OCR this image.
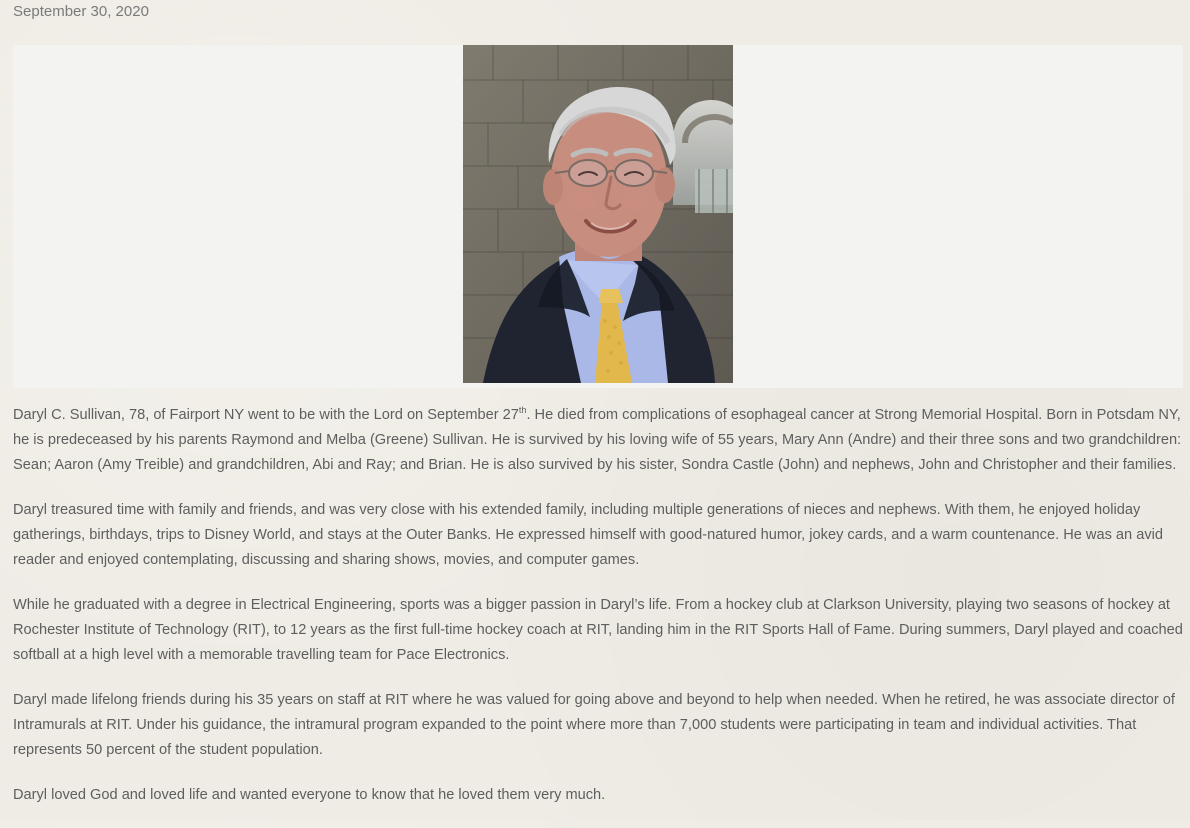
September 30, 2020

Daryl C. Sullivan, 78, of Fairport NY went to be with the Lord on September 27th. He died from complications of esophageal cancer at Strong Memorial Hospital. Born in Potsdam NY, he is predeceased by his parents Raymond and Melba (Greene) Sullivan. He is survived by his loving wife of 55 years, Mary Ann (Andre) and their three sons and two grandchildren: Sean; Aaron (Amy Treible) and grandchildren, Abi and Ray; and Brian. He is also survived by his sister, Sondra Castle (John) and nephews, John and Christopher and their families.

Daryl treasured time with family and friends, and was very close with his extended family, including multiple generations of nieces and nephews. With them, he enjoyed holiday gatherings, birthdays, trips to Disney World, and stays at the Outer Banks. He expressed himself with good-natured humor, jokey cards, and a warm countenance. He was an avid reader and enjoyed contemplating, discussing and sharing shows, movies, and computer games.

While he graduated with a degree in Electrical Engineering, sports was a bigger passion in Daryl’s life. From a hockey club at Clarkson University, playing two seasons of hockey at Rochester Institute of Technology (RIT), to 12 years as the first full-time hockey coach at RIT, landing him in the RIT Sports Hall of Fame. During summers, Daryl played and coached softball at a high level with a memorable travelling team for Pace Electronics.

Daryl made lifelong friends during his 35 years on staff at RIT where he was valued for going above and beyond to help when needed. When he retired, he was associate director of Intramurals at RIT. Under his guidance, the intramural program expanded to the point where more than 7,000 students were participating in team and individual activities. That represents 50 percent of the student population.

Daryl loved God and loved life and wanted everyone to know that he loved them very much.
